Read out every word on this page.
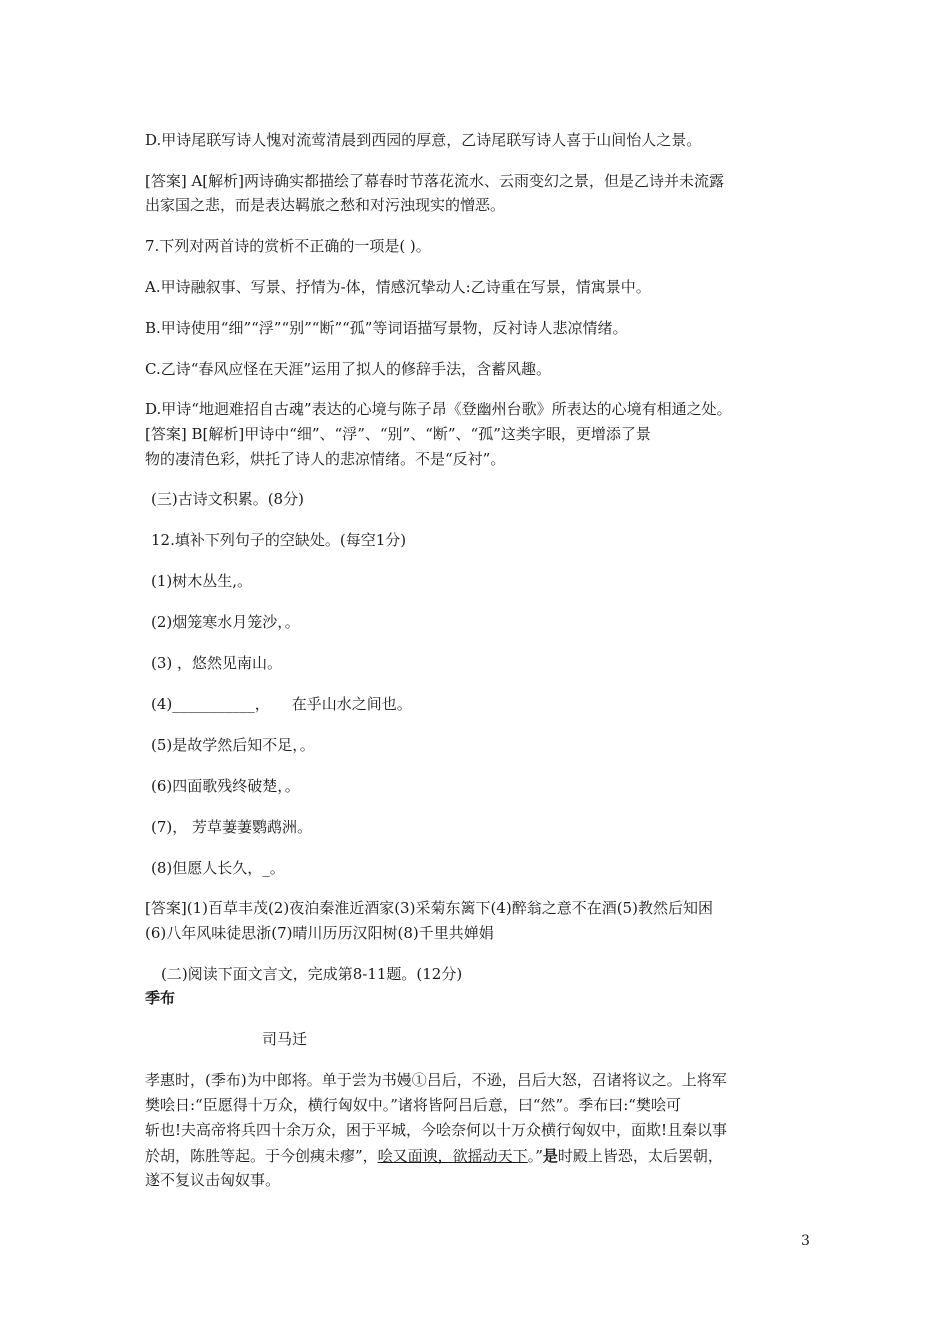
D.甲诗尾联写诗人愧对流莺清晨到西园的厚意，乙诗尾联写诗人喜于山间怡人之景。
[答案] A[解析]两诗确实都描绘了幕春时节落花流水、云雨变幻之景，但是乙诗并未流露
出家国之悲，而是表达羁旅之愁和对污浊现实的憎恶。
7.下列对两首诗的赏析不正确的一项是( )。
A.甲诗融叙事、写景、抒情为-体，情感沉挚动人:乙诗重在写景，情寓景中。
B.甲诗使用“细”“浮”“别”“断”“孤”等词语描写景物，反衬诗人悲凉情绪。
C.乙诗“春风应怪在天涯”运用了拟人的修辞手法，含蓄风趣。
D.甲诗“地迥难招自古魂”表达的心境与陈子昂《登幽州台歌》所表达的心境有相通之处。
[答案] B[解析]甲诗中“细”、“浮”、“别”、“断”、“孤”这类字眼，更增添了景
物的凄清色彩，烘托了诗人的悲凉情绪。不是“反衬”。
(三)古诗文积累。(8分)
12.填补下列句子的空缺处。(每空1分)
(1)树木丛生,。
(2)烟笼寒水月笼沙，。
(3) ，悠然见南山。
(4)___________， 在乎山水之间也。
(5)是故学然后知不足，。
(6)四面歌残终破楚，。
(7)， 芳草萋萋鹦鹉洲。
(8)但愿人长久，_。
[答案](1)百草丰茂(2)夜泊秦淮近酒家(3)采菊东篱下(4)醉翁之意不在酒(5)教然后知困
(6)八年风味徒思浙(7)晴川历历汉阳树(8)千里共婵娟
(二)阅读下面文言文，完成第8-11题。(12分)
季布
司马迁
孝惠时，(季布)为中郎将。单于尝为书嫚①吕后，不逊，吕后大怒，召诸将议之。上将军
樊哙日:“臣愿得十万众，横行匈奴中。”诸将皆阿吕后意，曰“然”。季布曰:“樊哙可
斩也!夫高帝将兵四十余万众，困于平城，今哙奈何以十万众横行匈奴中，面欺!且秦以事
於胡，陈胜等起。于今创痍未瘳”，哙又面谀，欲摇动天下。”是时殿上皆恐，太后罢朝，
遂不复议击匈奴事。
3
